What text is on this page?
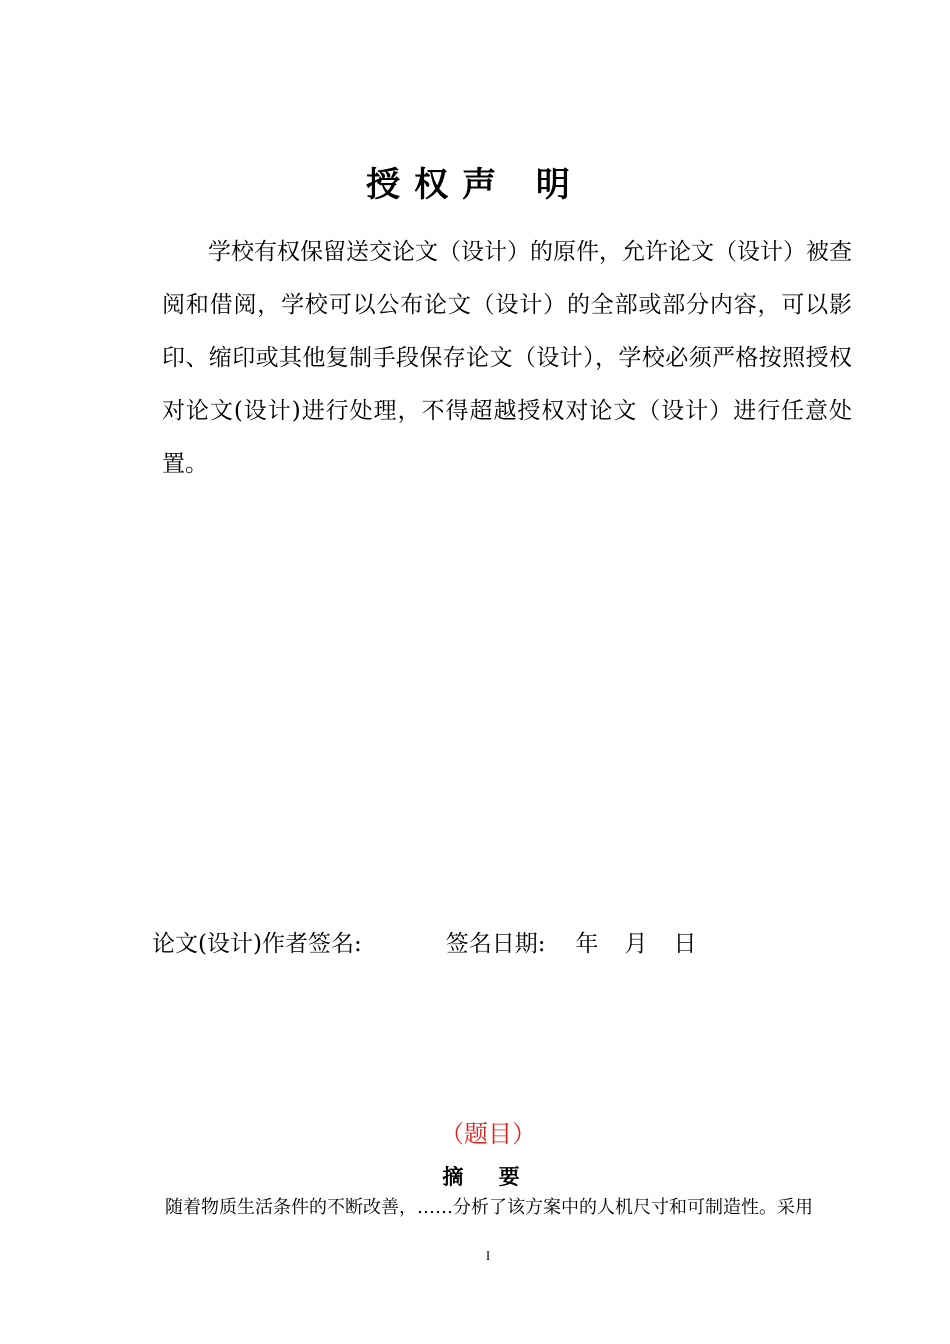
授权声 明

学校有权保留送交论文（设计）的原件，允许论文（设计）被查阅和借阅，学校可以公布论文（设计）的全部或部分内容，可以影印、缩印或其他复制手段保存论文（设计），学校必须严格按照授权对论文(设计)进行处理，不得超越授权对论文（设计）进行任意处置。

论文(设计)作者签名:	签名日期: 年 月 日
（题目）
摘 要
随着物质生活条件的不断改善，……分析了该方案中的人机尺寸和可制造性。采用
I
